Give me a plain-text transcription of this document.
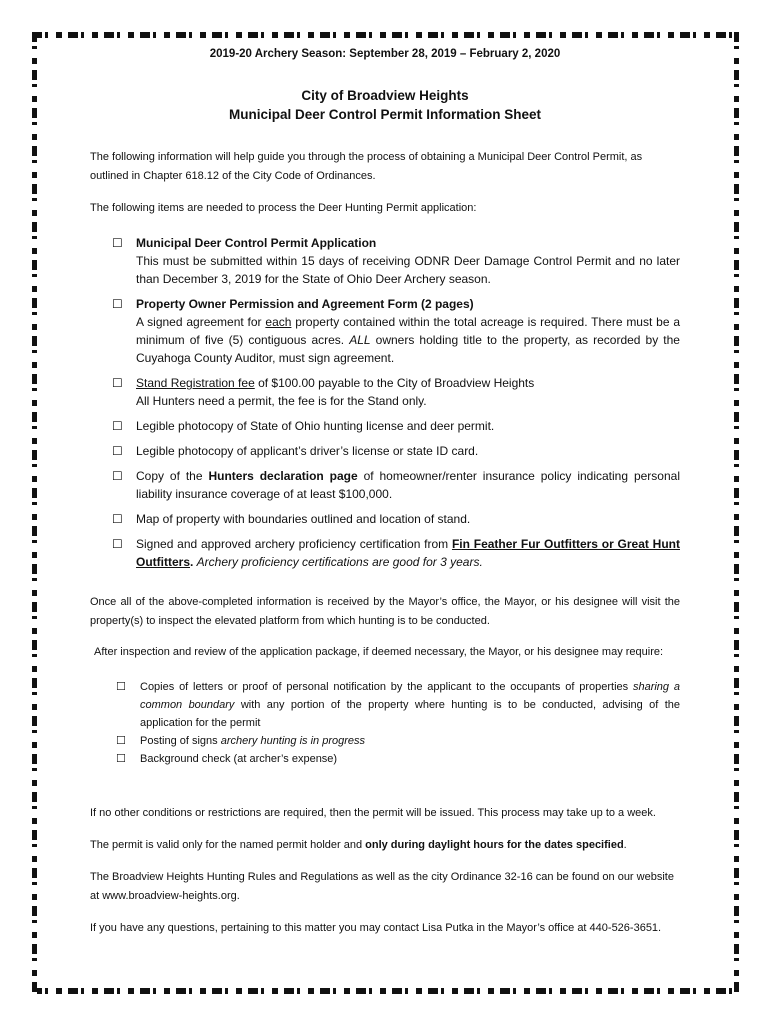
2019-20 Archery Season: September 28, 2019 – February 2, 2020
City of Broadview Heights
Municipal Deer Control Permit Information Sheet

The following information will help guide you through the process of obtaining a Municipal Deer Control Permit, as outlined in Chapter 618.12 of the City Code of Ordinances.

The following items are needed to process the Deer Hunting Permit application:

☐	Municipal Deer Control Permit Application
This must be submitted within 15 days of receiving ODNR Deer Damage Control Permit and no later than December 3, 2019 for the State of Ohio Deer Archery season.
☐	Property Owner Permission and Agreement Form (2 pages)
A signed agreement for each property contained within the total acreage is required. There must be a minimum of five (5) contiguous acres. ALL owners holding title to the property, as recorded by the Cuyahoga County Auditor, must sign agreement.
☐	Stand Registration fee of $100.00 payable to the City of Broadview Heights
All Hunters need a permit, the fee is for the Stand only.
☐	Legible photocopy of State of Ohio hunting license and deer permit.
☐	Legible photocopy of applicant’s driver’s license or state ID card.
☐	Copy of the Hunters declaration page of homeowner/renter insurance policy indicating personal liability insurance coverage of at least $100,000.
☐	Map of property with boundaries outlined and location of stand.
☐	Signed and approved archery proficiency certification from Fin Feather Fur Outfitters or Great Hunt Outfitters. Archery proficiency certifications are good for 3 years.

Once all of the above-completed information is received by the Mayor’s office, the Mayor, or his designee will visit the property(s) to inspect the elevated platform from which hunting is to be conducted.

After inspection and review of the application package, if deemed necessary, the Mayor, or his designee may require:

☐	Copies of letters or proof of personal notification by the applicant to the occupants of properties sharing a common boundary with any portion of the property where hunting is to be conducted, advising of the application for the permit
☐	Posting of signs archery hunting is in progress
☐	Background check (at archer’s expense)

If no other conditions or restrictions are required, then the permit will be issued. This process may take up to a week.

The permit is valid only for the named permit holder and only during daylight hours for the dates specified.

The Broadview Heights Hunting Rules and Regulations as well as the city Ordinance 32-16 can be found on our website at www.broadview-heights.org.

If you have any questions, pertaining to this matter you may contact Lisa Putka in the Mayor’s office at 440-526-3651.
